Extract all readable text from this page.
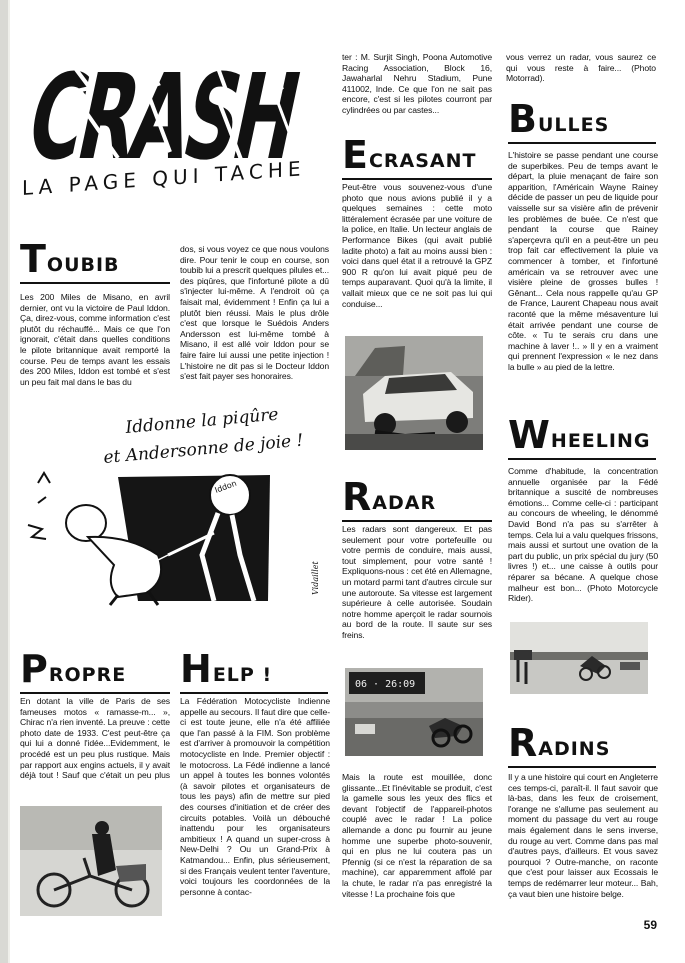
CRASH
LA PAGE QUI TACHE
T OUBIB

Les 200 Miles de Misano, en avril dernier, ont vu la victoire de Paul Iddon. Ça, direz-vous, comme information c'est plutôt du réchauffé... Mais ce que l'on ignorait, c'était dans quelles conditions le pilote britannique avait remporté la course. Peu de temps avant les essais des 200 Miles, Iddon est tombé et s'est un peu fait mal dans le bas du

dos, si vous voyez ce que nous voulons dire. Pour tenir le coup en course, son toubib lui a prescrit quelques pilules et... des piqûres, que l'infortuné pilote a dû s'injecter lui-même. A l'endroit où ça faisait mal, évidemment ! Enfin ça lui a plutôt bien réussi. Mais le plus drôle c'est que lorsque le Suédois Anders Andersson est lui-même tombé à Misano, il est allé voir Iddon pour se faire faire lui aussi une petite injection ! L'histoire ne dit pas si le Docteur Iddon s'est fait payer ses honoraires.

Iddonne la piqûre
et Andersonne de joie !
Iddon
Vidaillet
P ROPRE

En dotant la ville de Paris de ses fameuses motos « ramasse-m... », Chirac n'a rien inventé. La preuve : cette photo date de 1933. C'est peut-être ça qui lui a donné l'idée...Evidemment, le procédé est un peu plus rustique. Mais par rapport aux engins actuels, il y avait déjà tout ! Sauf que c'était un peu plus

H ELP !

La Fédération Motocycliste Indienne appelle au secours. Il faut dire que celle-ci est toute jeune, elle n'a été affiliée que l'an passé à la FIM. Son problème est d'arriver à promouvoir la compétition motocycliste en Inde. Premier objectif : le motocross. La Fédé indienne a lancé un appel à toutes les bonnes volontés (à savoir pilotes et organisateurs de tous les pays) afin de mettre sur pied des courses d'initiation et de créer des circuits potables. Voilà un débouché inattendu pour les organisateurs ambitieux ! A quand un super-cross à New-Delhi ? Ou un Grand-Prix à Katmandou... Enfin, plus sérieusement, si des Français veulent tenter l'aventure, voici toujours les coordonnées de la personne à contac-

ter : M. Surjit Singh, Poona Automotive Racing Association, Block 16, Jawaharlal Nehru Stadium, Pune 411002, Inde. Ce que l'on ne sait pas encore, c'est si les pilotes courront par cylindrées ou par castes...

E CRASANT

Peut-être vous souvenez-vous d'une photo que nous avions publié il y a quelques semaines : cette moto littéralement écrasée par une voiture de la police, en Italie. Un lecteur anglais de Performance Bikes (qui avait publié ladite photo) a fait au moins aussi bien : voici dans quel état il a retrouvé la GPZ 900 R qu'on lui avait piqué peu de temps auparavant. Quoi qu'à la limite, il vallait mieux que ce ne soit pas lui qui conduise...

R ADAR

Les radars sont dangereux. Et pas seulement pour votre portefeuille ou votre permis de conduire, mais aussi, tout simplement, pour votre santé ! Expliquons-nous : cet été en Allemagne, un motard parmi tant d'autres circule sur une autoroute. Sa vitesse est largement supérieure à celle autorisée. Soudain notre homme aperçoit le radar sournois au bord de la route. Il saute sur ses freins.

06 · 26:09

Mais la route est mouillée, donc glissante...Et l'inévitable se produit, c'est la gamelle sous les yeux des flics et devant l'objectif de l'appareil-photos couplé avec le radar ! La police allemande a donc pu fournir au jeune homme une superbe photo-souvenir, qui en plus ne lui coutera pas un Pfennig (si ce n'est la réparation de sa machine), car apparemment affolé par la chute, le radar n'a pas enregistré la vitesse ! La prochaine fois que

vous verrez un radar, vous saurez ce qui vous reste à faire... (Photo Motorrad).

B ULLES

L'histoire se passe pendant une course de superbikes. Peu de temps avant le départ, la pluie menaçant de faire son apparition, l'Américain Wayne Rainey décide de passer un peu de liquide pour vaisselle sur sa visière afin de prévenir les problèmes de buée. Ce n'est que pendant la course que Rainey s'aperçevra qu'il en a peut-être un peu trop fait car effectivement la pluie va commencer à tomber, et l'infortuné américain va se retrouver avec une visière pleine de grosses bulles ! Gênant... Cela nous rappelle qu'au GP de France, Laurent Chapeau nous avait raconté que la même mésaventure lui était arrivée pendant une course de côte. « Tu te serais cru dans une machine à laver !.. » Il y en a vraiment qui prennent l'expression « le nez dans la bulle » au pied de la lettre.

W HEELING

Comme d'habitude, la concentration annuelle organisée par la Fédé britannique a suscité de nombreuses émotions... Comme celle-ci : participant au concours de wheeling, le dénommé David Bond n'a pas su s'arrêter à temps. Cela lui a valu quelques frissons, mais aussi et surtout une ovation de la part du public, un prix spécial du jury (50 livres !) et... une caisse à outils pour réparer sa bécane. A quelque chose malheur est bon... (Photo Motorcycle Rider).

R ADINS

Il y a une histoire qui court en Angleterre ces temps-ci, paraît-il. Il faut savoir que là-bas, dans les feux de croisement, l'orange ne s'allume pas seulement au moment du passage du vert au rouge mais également dans le sens inverse, du rouge au vert. Comme dans pas mal d'autres pays, d'ailleurs. Et vous savez pourquoi ? Outre-manche, on raconte que c'est pour laisser aux Ecossais le temps de redémarrer leur moteur... Bah, ça vaut bien une histoire belge.

59
